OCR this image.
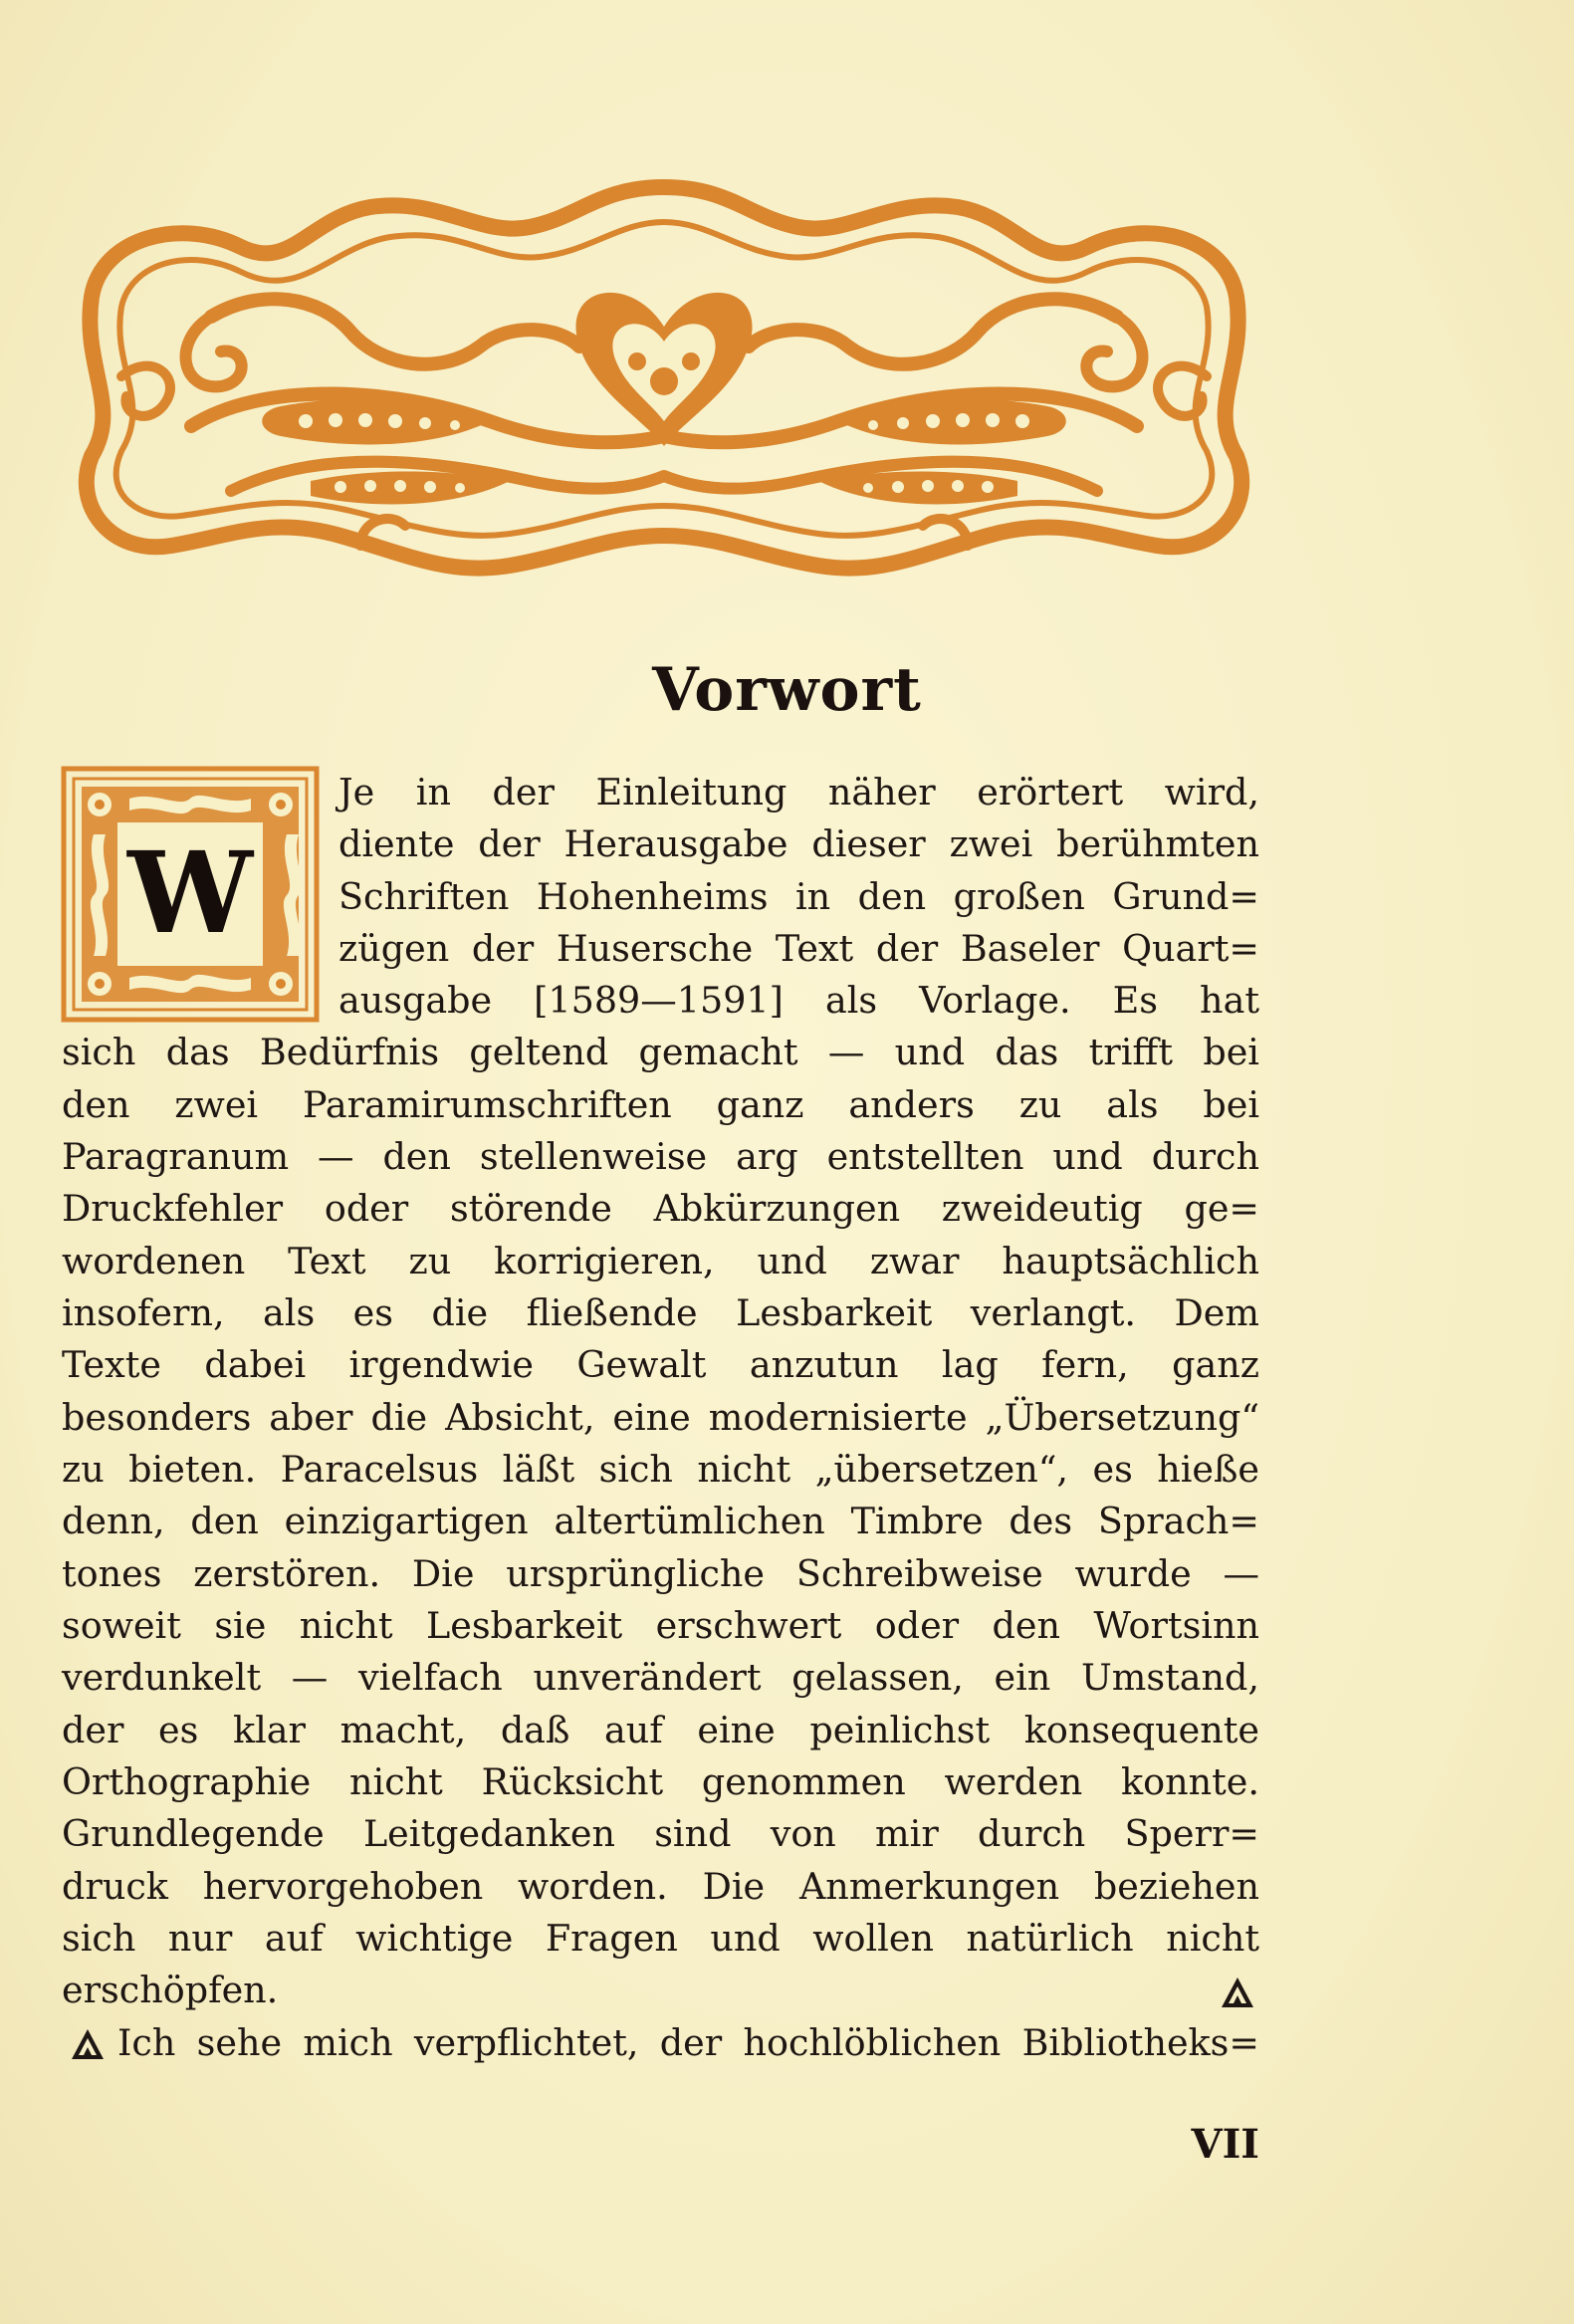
Vorwort
W
Je in der Einleitung näher erörtert wird,
diente der Herausgabe dieser zwei berühmten
Schriften Hohenheims in den großen Grund=
zügen der Husersche Text der Baseler Quart=
ausgabe [1589—1591] als Vorlage. Es hat
sich das Bedürfnis geltend gemacht — und das trifft bei
den zwei Paramirumschriften ganz anders zu als bei
Paragranum — den stellenweise arg entstellten und durch
Druckfehler oder störende Abkürzungen zweideutig ge=
wordenen Text zu korrigieren, und zwar hauptsächlich
insofern, als es die fließende Lesbarkeit verlangt. Dem
Texte dabei irgendwie Gewalt anzutun lag fern, ganz
besonders aber die Absicht, eine modernisierte „Übersetzung“
zu bieten. Paracelsus läßt sich nicht „übersetzen“, es hieße
denn, den einzigartigen altertümlichen Timbre des Sprach=
tones zerstören. Die ursprüngliche Schreibweise wurde —
soweit sie nicht Lesbarkeit erschwert oder den Wortsinn
verdunkelt — vielfach unverändert gelassen, ein Umstand,
der es klar macht, daß auf eine peinlichst konsequente
Orthographie nicht Rücksicht genommen werden konnte.
Grundlegende Leitgedanken sind von mir durch Sperr=
druck hervorgehoben worden. Die Anmerkungen beziehen
sich nur auf wichtige Fragen und wollen natürlich nicht
erschöpfen.
Ich sehe mich verpflichtet, der hochlöblichen Bibliotheks=
VII
